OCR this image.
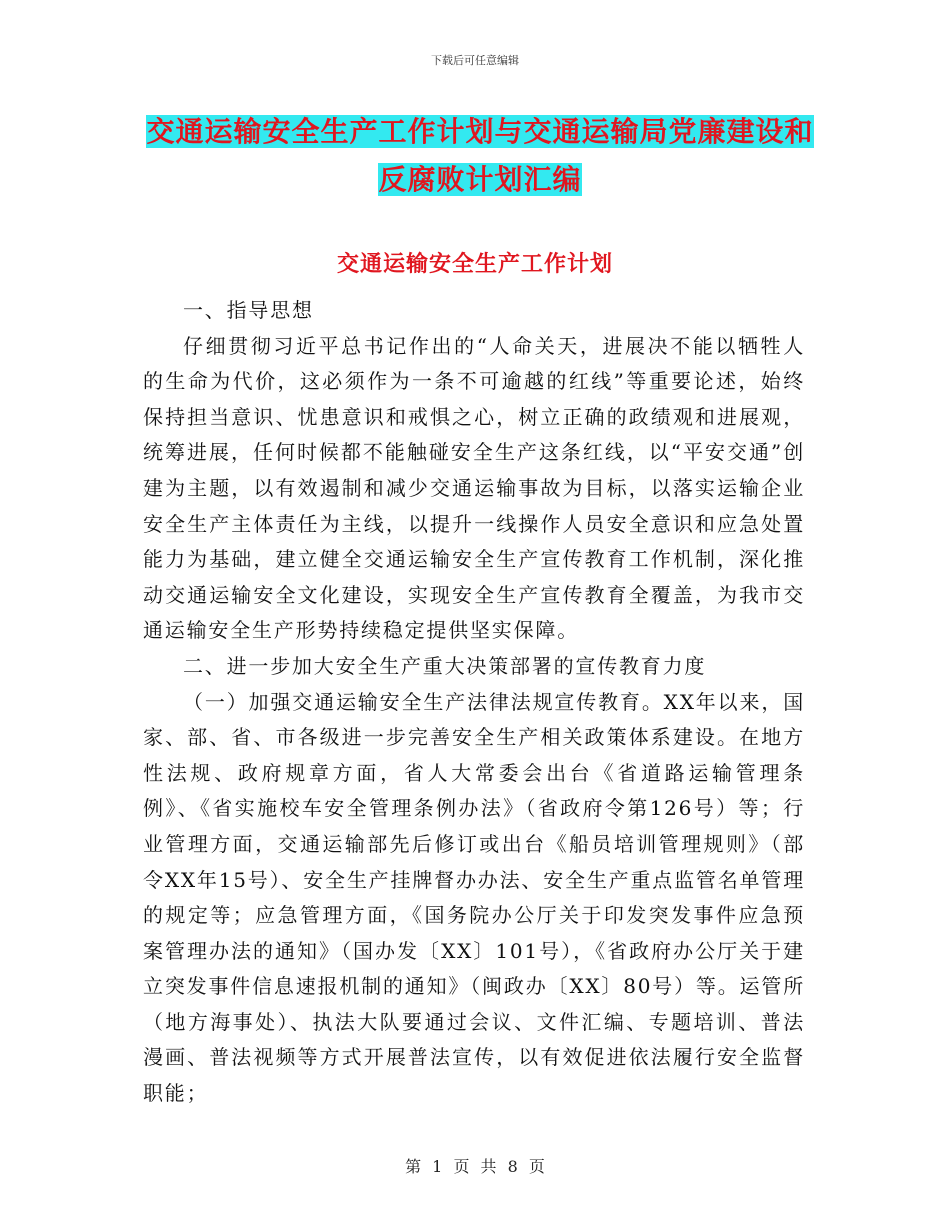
下载后可任意编辑
交通运输安全生产工作计划与交通运输局党廉建设和
反腐败计划汇编
交通运输安全生产工作计划

一、指导思想

仔细贯彻习近平总书记作出的“人命关天，进展决不能以牺牲人的生命为代价，这必须作为一条不可逾越的红线”等重要论述，始终保持担当意识、忧患意识和戒惧之心，树立正确的政绩观和进展观，统筹进展，任何时候都不能触碰安全生产这条红线，以“平安交通”创建为主题，以有效遏制和减少交通运输事故为目标，以落实运输企业安全生产主体责任为主线，以提升一线操作人员安全意识和应急处置能力为基础，建立健全交通运输安全生产宣传教育工作机制，深化推动交通运输安全文化建设，实现安全生产宣传教育全覆盖，为我市交通运输安全生产形势持续稳定提供坚实保障。

二、进一步加大安全生产重大决策部署的宣传教育力度

（一）加强交通运输安全生产法律法规宣传教育。XX年以来，国家、部、省、市各级进一步完善安全生产相关政策体系建设。在地方性法规、政府规章方面，省人大常委会出台《省道路运输管理条例》、《省实施校车安全管理条例办法》（省政府令第126号）等；行业管理方面，交通运输部先后修订或出台《船员培训管理规则》（部令XX年15号）、安全生产挂牌督办办法、安全生产重点监管名单管理的规定等；应急管理方面，《国务院办公厅关于印发突发事件应急预案管理办法的通知》（国办发〔XX〕101号），《省政府办公厅关于建立突发事件信息速报机制的通知》（闽政办〔XX〕80号）等。运管所（地方海事处）、执法大队要通过会议、文件汇编、专题培训、普法漫画、普法视频等方式开展普法宣传，以有效促进依法履行安全监督职能；

第 1 页 共 8 页
